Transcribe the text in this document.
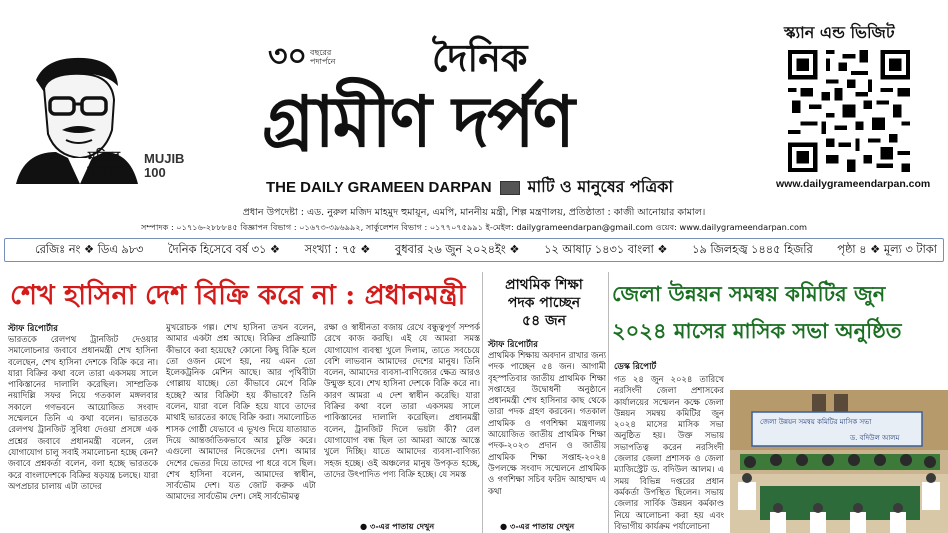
মুজিব শতবর্ষ
MUJIB 100
৩০ বছরের
পদার্পনে	দৈনিক
গ্রামীণ দর্পণ
THE DAILY GRAMEEN DARPAN মাটি ও মানুষের পত্রিকা
স্ক্যান এন্ড ভিজিট
www.dailygrameendarpan.com
প্রধান উপদেষ্টা : এড. নুরুল মজিদ মাহমুদ হুমায়ূন, এমপি, মাননীয় মন্ত্রী, শিল্প মন্ত্রণালয়, প্রতিষ্ঠাতা : কাজী আনোয়ার কামাল।
সম্পাদক : ০১৭১৬-২৮৮৮৪৫ বিজ্ঞাপন বিভাগ : ০১৬৭৩-৩৯৬৯৯২, সার্কুলেশন বিভাগ : ০১৭৭০৭৫৯৯১ ই-মেইল: dailygrameendarpan@gmail.com ওয়েব: www.dailygrameendarpan.com
রেজিঃ নং ❖ ডিএ ৯৮৩ দৈনিক হিসেবে বর্ষ ৩১ ❖ সংখ্যা : ৭৫ ❖ বুধবার ২৬ জুন ২০২৪ইং ❖ ১২ আষাঢ় ১৪৩১ বাংলা ❖ ১৯ জিলহজ্ব ১৪৪৫ হিজরি পৃষ্ঠা ৪ ❖ মূল্য ৩ টাকা
শেখ হাসিনা দেশ বিক্রি করে না : প্রধানমন্ত্রী
স্টাফ রিপোর্টার

ভারতকে রেলপথ ট্রানজিট দেওয়ার সমালোচনার জবাবে প্রধানমন্ত্রী শেখ হাসিনা বলেছেন, শেখ হাসিনা দেশকে বিক্রি করে না। যারা বিক্রির কথা বলে তারা একসময় সালে পাকিস্তানের দালালি করেছিল। সাম্প্রতিক নয়াদিল্লি সফর নিয়ে গতকাল মঙ্গলবার সকালে গণভবনে আয়োজিত সংবাদ সম্মেলনে তিনি এ কথা বলেন। ভারতকে রেলপথ ট্রানজিট সুবিধা দেওয়া প্রসঙ্গে এক প্রশ্নের জবাবে প্রধানমন্ত্রী বলেন, রেল যোগাযোগ চালু সবাই সমালোচনা হচ্ছে কেন? জবাবে প্রশ্নকর্তা বলেন, বলা হচ্ছে ভারতকে করে বাংলাদেশকে বিক্রির ষড়যন্ত্র চলছে। যারা অপপ্রচার চালায় এটা তাদের

মুখরোচক গল্প। শেখ হাসিনা তখন বলেন, আমার একটা প্রশ্ন আছে। বিক্রির প্রক্রিয়াটি কীভাবে করা হয়েছে? কোনো কিছু বিক্রি হলে তো ওজন মেপে হয়, নয় এমন তো ইলেকট্রনিক মেশিন আছে। আর পৃথিবীটা গোল্লায় যাচ্ছে। তো কীভাবে মেপে বিক্রি হচ্ছে? আর বিক্রিটা হয় কীভাবে? তিনি বলেন, যারা বলে বিক্রি হয়ে যাবে তাদের মাথাই ভারতের কাছে বিক্রি করা। সমালোচিত শাসক গোষ্ঠী যেভাবে এ ভূখণ্ড দিয়ে যাতায়াত দিয়ে আন্তর্জাতিকভাবে আর চুক্তি করে। এগুলো আমাদের নিজেদের দেশ। আমার দেশের ভেতর দিয়ে তাদের পা ধরে বসে ছিল। শেখ হাসিনা বলেন, আমাদের স্বাধীন, সার্বভৌম দেশ। যত জোট করুক এটা আমাদের সার্বভৌম দেশ। সেই সার্বভৌমত্ব

রক্ষা ও স্বাধীনতা বজায় রেখে বন্ধুত্বপূর্ণ সম্পর্ক রেখে কাজ করছি। এই যে আমরা সমস্ত যোগাযোগ ব্যবস্থা খুলে দিলাম, তাতে সবচেয়ে বেশি লাভবান আমাদের দেশের মানুষ। তিনি বলেন, আমাদের ব্যবসা-বাণিজ্যের ক্ষেত্র আরও উন্মুক্ত হবে। শেখ হাসিনা দেশকে বিক্রি করে না। কারণ আমরা এ দেশ স্বাধীন করেছি। যারা বিক্রির কথা বলে তারা একসময় সালে পাকিস্তানের দালালি করেছিল। প্রধানমন্ত্রী বলেন, ট্রানজিট দিলে ভয়টা কী? রেল যোগাযোগ বন্ধ ছিল তা আমরা আস্তে আস্তে খুলে দিচ্ছি। যাতে আমাদের ব্যবসা-বাণিজ্য সহজ হচ্ছে। ওই অঞ্চলের মানুষ উপকৃত হচ্ছে, তাদের উৎপাদিত পণ্য বিক্রি হচ্ছে। যে সমস্ত

● ৩-এর পাতায় দেখুন
প্রাথমিক শিক্ষা
পদক পাচ্ছেন
৫৪ জন
স্টাফ রিপোর্টার

প্রাথমিক শিক্ষায় অবদান রাখার জন্য পদক পাচ্ছেন ৫৪ জন। আগামী বৃহস্পতিবার জাতীয় প্রাথমিক শিক্ষা সপ্তাহের উদ্বোধনী অনুষ্ঠানে প্রধানমন্ত্রী শেখ হাসিনার কাছ থেকে তারা পদক গ্রহণ করবেন। গতকাল প্রাথমিক ও গণশিক্ষা মন্ত্রণালয় আয়োজিত জাতীয় প্রাথমিক শিক্ষা পদক-২০২৩ প্রদান ও জাতীয় প্রাথমিক শিক্ষা সপ্তাহ-২০২৪ উপলক্ষে সংবাদ সম্মেলনে প্রাথমিক ও গণশিক্ষা সচিব ফরিদ আহাম্মদ এ কথা

● ৩-এর পাতায় দেখুন
জেলা উন্নয়ন সমন্বয় কমিটির জুন
২০২৪ মাসের মাসিক সভা অনুষ্ঠিত
ডেস্ক রিপোর্ট

গত ২৪ জুন ২০২৪ তারিখে নরসিংদী জেলা প্রশাসকের কার্যালয়ের সম্মেলন কক্ষে জেলা উন্নয়ন সমন্বয় কমিটির জুন ২০২৪ মাসের মাসিক সভা অনুষ্ঠিত হয়। উক্ত সভায় সভাপতিত্ব করেন নরসিংদী জেলার জেলা প্রশাসক ও জেলা ম্যাজিস্ট্রেট ড. বদিউল আলম। এ সময় বিভিন্ন দপ্তরের প্রধান কর্মকর্তা উপস্থিত ছিলেন। সভায় জেলার সার্বিক উন্নয়ন কর্মকাণ্ড নিয়ে আলোচনা করা হয় এবং বিভাগীয় কার্যক্রম পর্যালোচনা

জেলা উন্নয়ন সমন্বয় কমিটির মাসিক সভা
ড. বদিউল আলম
